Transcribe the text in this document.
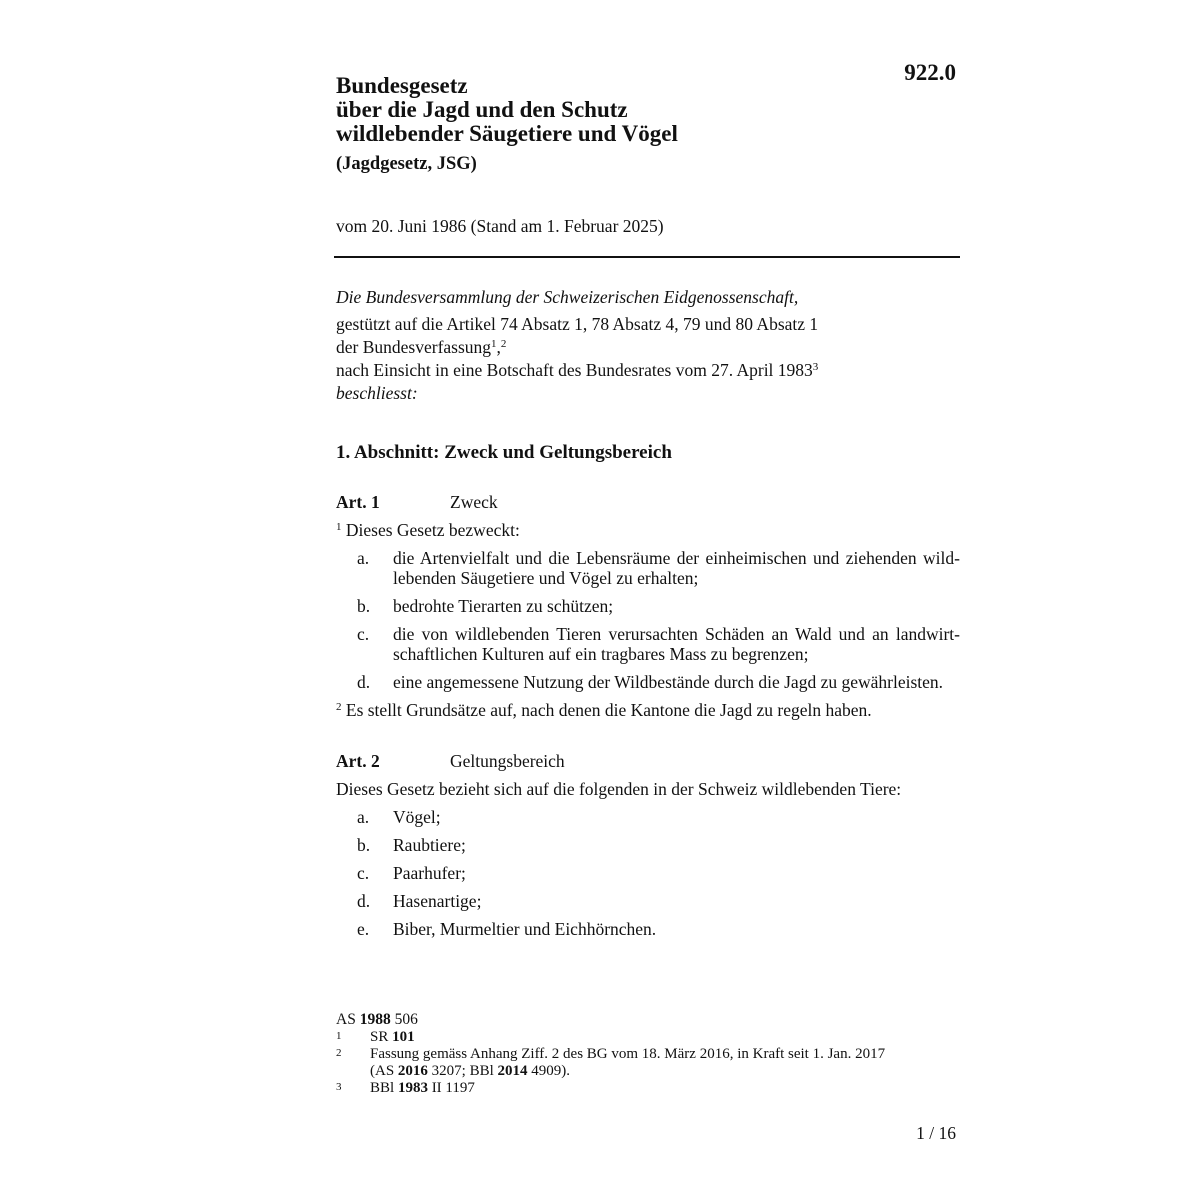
922.0
Bundesgesetz
über die Jagd und den Schutz
wildlebender Säugetiere und Vögel
(Jagdgesetz, JSG)
vom 20. Juni 1986 (Stand am 1. Februar 2025)
Die Bundesversammlung der Schweizerischen Eidgenossenschaft,
gestützt auf die Artikel 74 Absatz 1, 78 Absatz 4, 79 und 80 Absatz 1
der Bundesverfassung$^1$,$^2$
nach Einsicht in eine Botschaft des Bundesrates vom 27. April 1983$^3$
beschliesst:
1. Abschnitt: Zweck und Geltungsbereich
Art. 1	Zweck
$^1$ Dieses Gesetz bezweckt:
a.	die Artenvielfalt und die Lebensräume der einheimischen und ziehenden wild-lebenden Säugetiere und Vögel zu erhalten;
b.	bedrohte Tierarten zu schützen;
c.	die von wildlebenden Tieren verursachten Schäden an Wald und an landwirt-schaftlichen Kulturen auf ein tragbares Mass zu begrenzen;
d.	eine angemessene Nutzung der Wildbestände durch die Jagd zu gewährleisten.
$^2$ Es stellt Grundsätze auf, nach denen die Kantone die Jagd zu regeln haben.
Art. 2	Geltungsbereich
Dieses Gesetz bezieht sich auf die folgenden in der Schweiz wildlebenden Tiere:
a.	Vögel;
b.	Raubtiere;
c.	Paarhufer;
d.	Hasenartige;
e.	Biber, Murmeltier und Eichhörnchen.
AS 1988 506
1	SR 101
2	Fassung gemäss Anhang Ziff. 2 des BG vom 18. März 2016, in Kraft seit 1. Jan. 2017
(AS 2016 3207; BBl 2014 4909).
3	BBl 1983 II 1197
1 / 16
